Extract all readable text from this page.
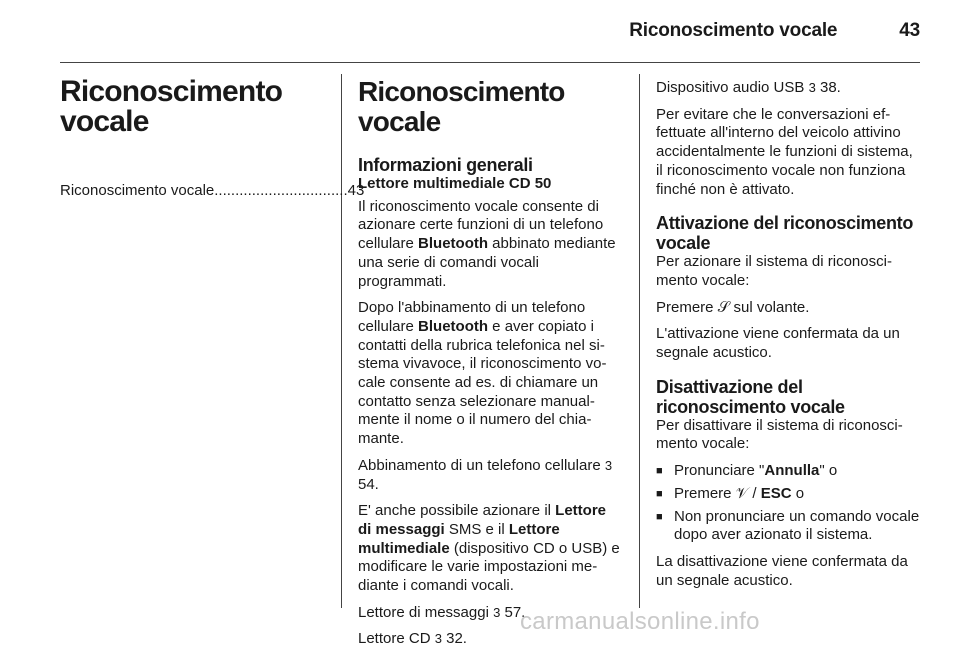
Riconoscimento vocale	43
Riconoscimento vocale
Riconoscimento vocale ................................ 43
Riconoscimento vocale
Informazioni generali
Lettore multimediale CD 50

Il riconoscimento vocale consente di azionare certe funzioni di un telefono cellulare Bluetooth abbinato mediante una serie di comandi vocali programmati.

Dopo l'abbinamento di un telefono cellulare Bluetooth e aver copiato i contatti della rubrica telefonica nel sistema vivavoce, il riconoscimento vocale consente ad es. di chiamare un contatto senza selezionare manualmente il nome o il numero del chiamante.

Abbinamento di un telefono cellulare 3 54.

E' anche possibile azionare il Lettore di messaggi SMS e il Lettore multimediale (dispositivo CD o USB) e modificare le varie impostazioni mediante i comandi vocali.

Lettore di messaggi 3 57.

Lettore CD 3 32.

Dispositivo audio USB 3 38.

Per evitare che le conversazioni effettuate all'interno del veicolo attivino accidentalmente le funzioni di sistema, il riconoscimento vocale non funziona finché non è attivato.

Attivazione del riconoscimento vocale

Per azionare il sistema di riconoscimento vocale:

Premere 𝒮 sul volante.

L'attivazione viene confermata da un segnale acustico.

Disattivazione del
riconoscimento vocale

Per disattivare il sistema di riconoscimento vocale:

■ Pronunciare "Annulla" o
■ Premere 𝒱 / ESC o
■ Non pronunciare un comando vocale dopo aver azionato il sistema.

La disattivazione viene confermata da un segnale acustico.

carmanualsonline.info
